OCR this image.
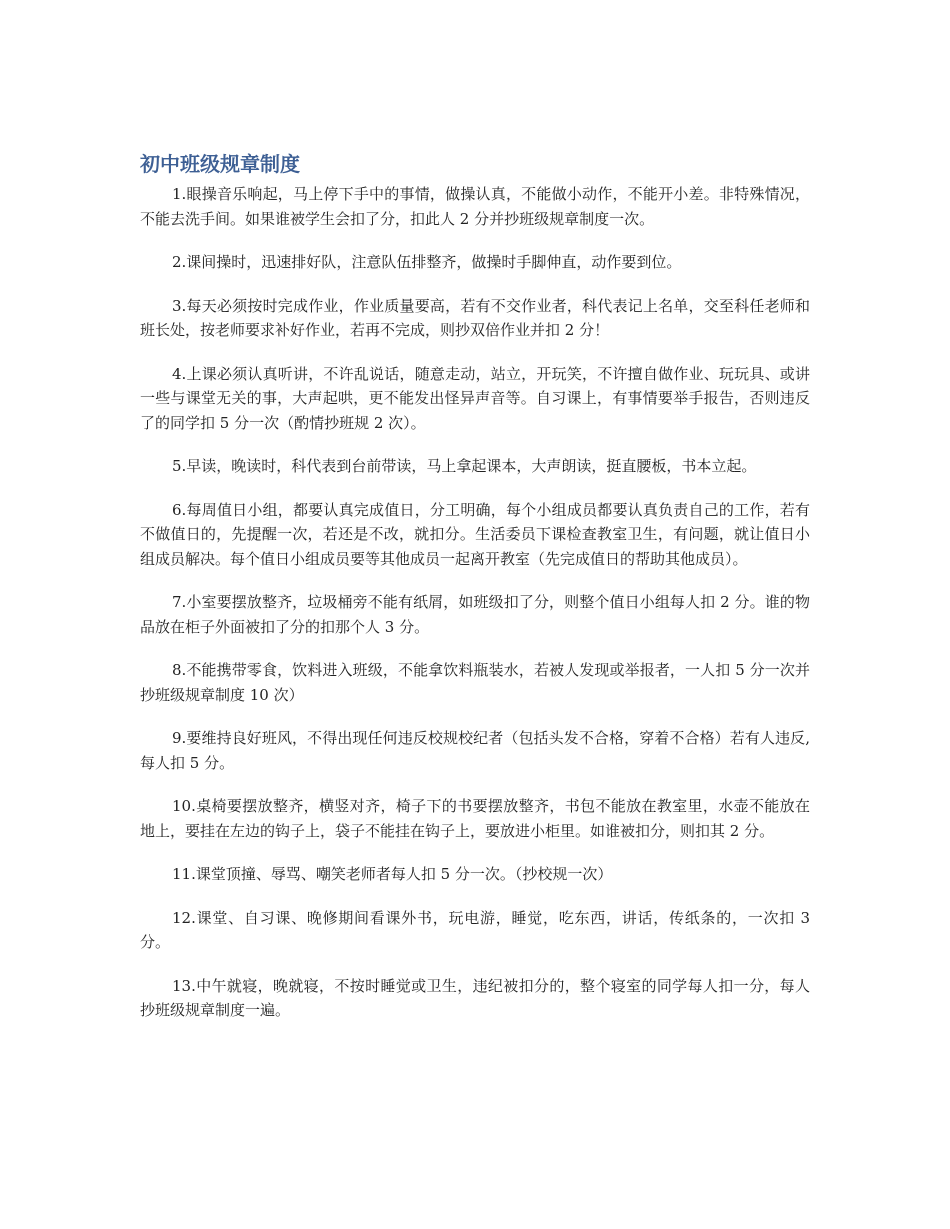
初中班级规章制度

1.眼操音乐响起，马上停下手中的事情，做操认真，不能做小动作，不能开小差。非特殊情况，不能去洗手间。如果谁被学生会扣了分，扣此人 2 分并抄班级规章制度一次。

2.课间操时，迅速排好队，注意队伍排整齐，做操时手脚伸直，动作要到位。

3.每天必须按时完成作业，作业质量要高，若有不交作业者，科代表记上名单，交至科任老师和班长处，按老师要求补好作业，若再不完成，则抄双倍作业并扣 2 分！

4.上课必须认真听讲，不许乱说话，随意走动，站立，开玩笑，不许擅自做作业、玩玩具、或讲一些与课堂无关的事，大声起哄，更不能发出怪异声音等。自习课上，有事情要举手报告，否则违反了的同学扣 5 分一次（酌情抄班规 2 次）。

5.早读，晚读时，科代表到台前带读，马上拿起课本，大声朗读，挺直腰板，书本立起。

6.每周值日小组，都要认真完成值日，分工明确，每个小组成员都要认真负责自己的工作，若有不做值日的，先提醒一次，若还是不改，就扣分。生活委员下课检查教室卫生，有问题，就让值日小组成员解决。每个值日小组成员要等其他成员一起离开教室（先完成值日的帮助其他成员）。

7.小室要摆放整齐，垃圾桶旁不能有纸屑，如班级扣了分，则整个值日小组每人扣 2 分。谁的物品放在柜子外面被扣了分的扣那个人 3 分。

8.不能携带零食，饮料进入班级，不能拿饮料瓶装水，若被人发现或举报者，一人扣 5 分一次并抄班级规章制度 10 次）

9.要维持良好班风，不得出现任何违反校规校纪者（包括头发不合格，穿着不合格）若有人违反,每人扣 5 分。

10.桌椅要摆放整齐，横竖对齐，椅子下的书要摆放整齐，书包不能放在教室里，水壶不能放在地上，要挂在左边的钩子上，袋子不能挂在钩子上，要放进小柜里。如谁被扣分，则扣其 2 分。

11.课堂顶撞、辱骂、嘲笑老师者每人扣 5 分一次。（抄校规一次）

12.课堂、自习课、晚修期间看课外书，玩电游，睡觉，吃东西，讲话，传纸条的，一次扣 3 分。

13.中午就寝，晚就寝，不按时睡觉或卫生，违纪被扣分的，整个寝室的同学每人扣一分，每人抄班级规章制度一遍。
